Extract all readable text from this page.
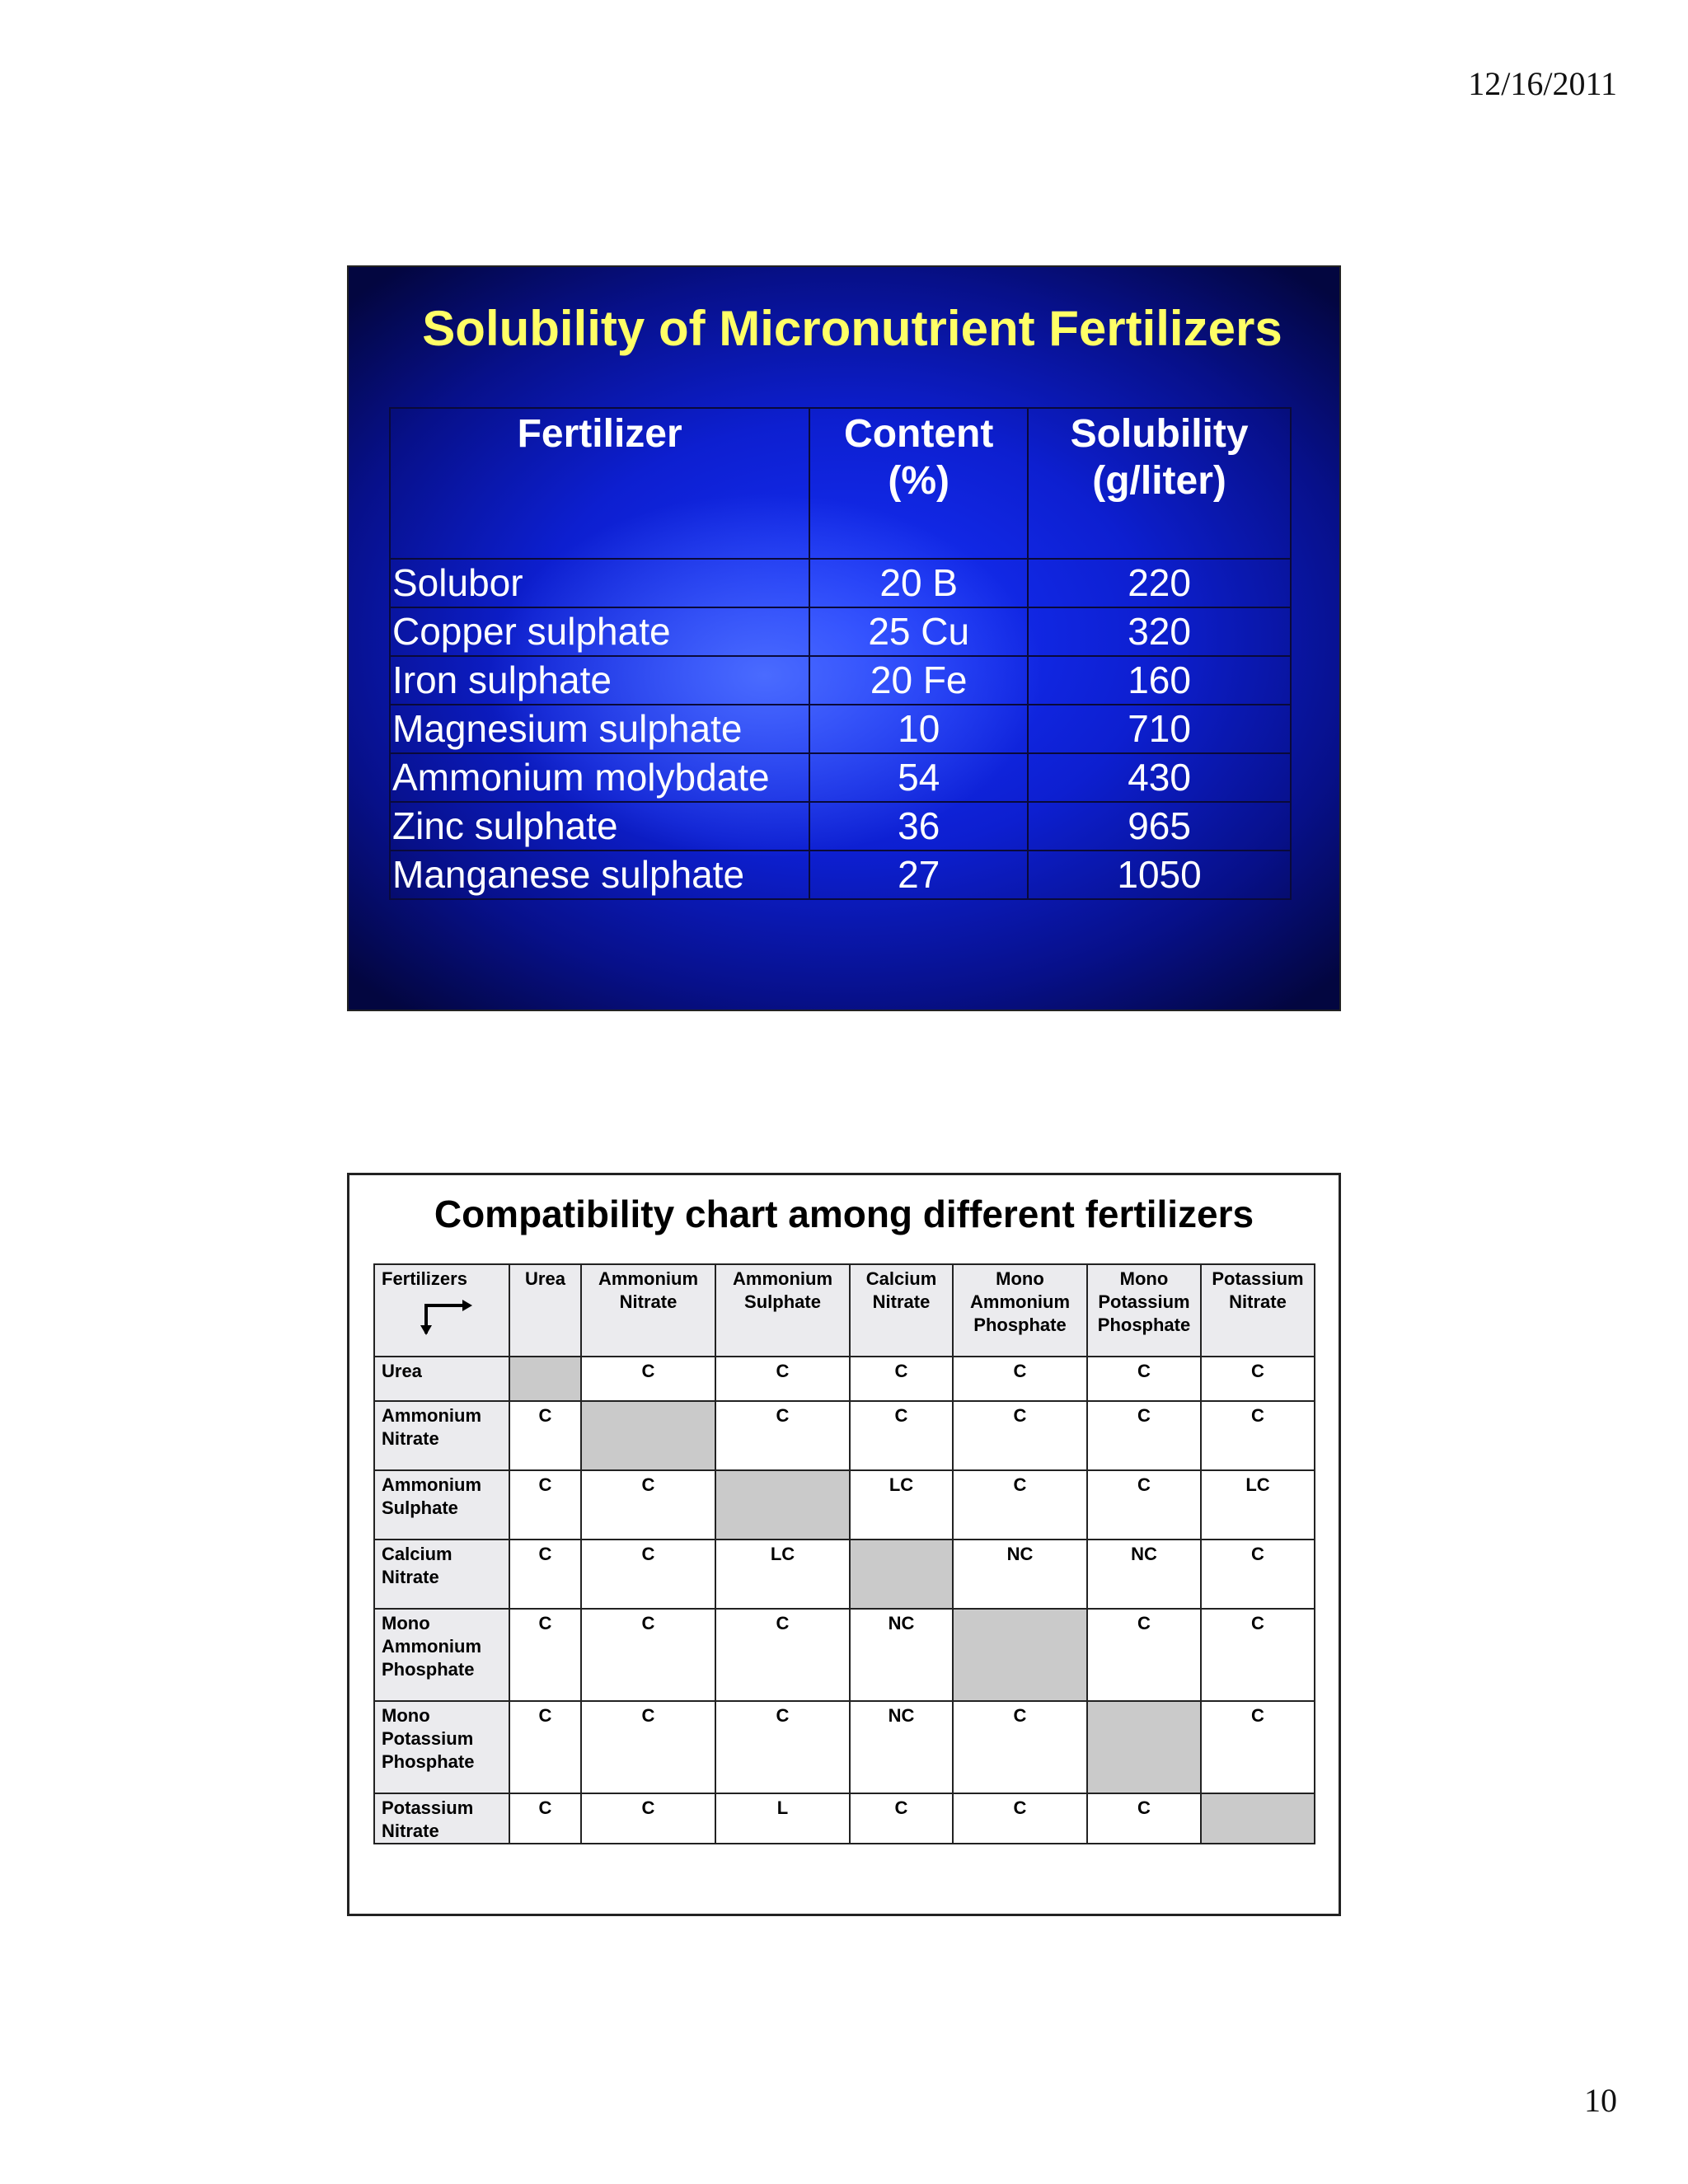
12/16/2011
Solubility of Micronutrient Fertilizers
Fertilizer	Content (%)	Solubility (g/liter)
Solubor	20 B	220
Copper sulphate	25 Cu	320
Iron sulphate	20 Fe	160
Magnesium sulphate	10	710
Ammonium molybdate	54	430
Zinc sulphate	36	965
Manganese sulphate	27	1050
Compatibility chart among different fertilizers
Fertilizers	Urea	Ammonium Nitrate	Ammonium Sulphate	Calcium Nitrate	Mono Ammonium Phosphate	Mono Potassium Phosphate	Potassium Nitrate
Urea		C	C	C	C	C	C
Ammonium Nitrate	C		C	C	C	C	C
Ammonium Sulphate	C	C		LC	C	C	LC
Calcium Nitrate	C	C	LC		NC	NC	C
Mono Ammonium Phosphate	C	C	C	NC		C	C
Mono Potassium Phosphate	C	C	C	NC	C		C
Potassium Nitrate	C	C	L	C	C	C	
10
